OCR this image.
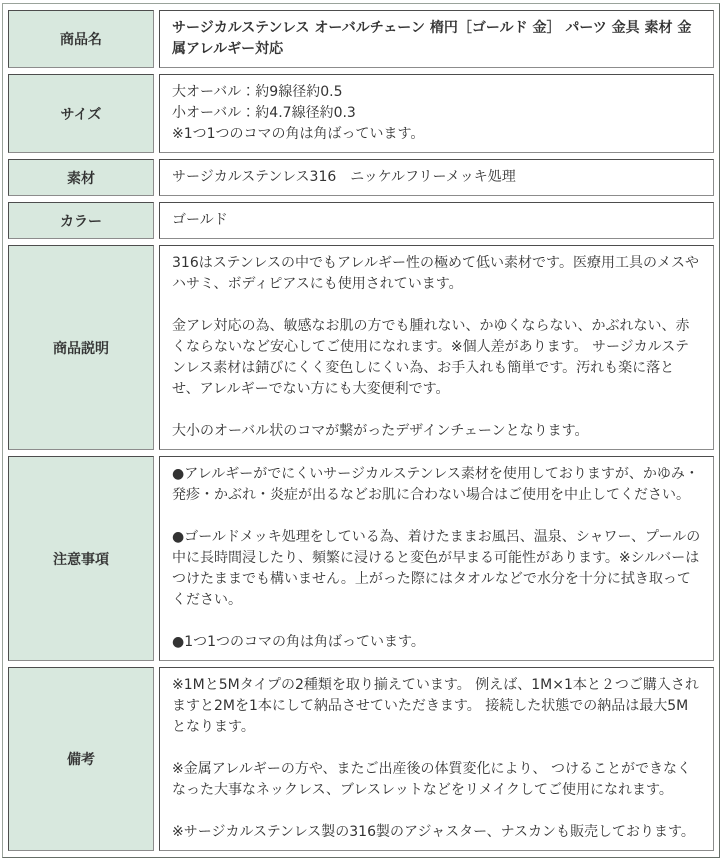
商品名	サージカルステンレス オーバルチェーン 楕円［ゴールド 金］ パーツ 金具 素材 金属アレルギー対応
サイズ	大オーバル：約9線径約0.5
小オーバル：約4.7線径約0.3
※1つ1つのコマの角は角ばっています。

素材	サージカルステンレス316　ニッケルフリーメッキ処理
カラー	ゴールド
商品説明	316はステンレスの中でもアレルギー性の極めて低い素材です。医療用工具のメスやハサミ、ボディピアスにも使用されています。

金アレ対応の為、敏感なお肌の方でも腫れない、かゆくならない、かぶれない、赤くならないなど安心してご使用になれます。※個人差があります。 サージカルステンレス素材は錆びにくく変色しにくい為、お手入れも簡単です。汚れも楽に落とせ、アレルギーでない方にも大変便利です。

大小のオーバル状のコマが繋がったデザインチェーンとなります。

注意事項	●アレルギーがでにくいサージカルステンレス素材を使用しておりますが、かゆみ・発疹・かぶれ・炎症が出るなどお肌に合わない場合はご使用を中止してください。

●ゴールドメッキ処理をしている為、着けたままお風呂、温泉、シャワー、プールの中に長時間浸したり、頻繁に浸けると変色が早まる可能性があります。※シルバーはつけたままでも構いません。上がった際にはタオルなどで水分を十分に拭き取ってください。

●1つ1つのコマの角は角ばっています。

備考	※1Mと5Mタイプの2種類を取り揃えています。 例えば、1M×1本と２つご購入されますと2Mを1本にして納品させていただきます。 接続した状態での納品は最大5Mとなります。

※金属アレルギーの方や、またご出産後の体質変化により、 つけることができなくなった大事なネックレス、ブレスレットなどをリメイクしてご使用になれます。

※サージカルステンレス製の316製のアジャスター、ナスカンも販売しております。
